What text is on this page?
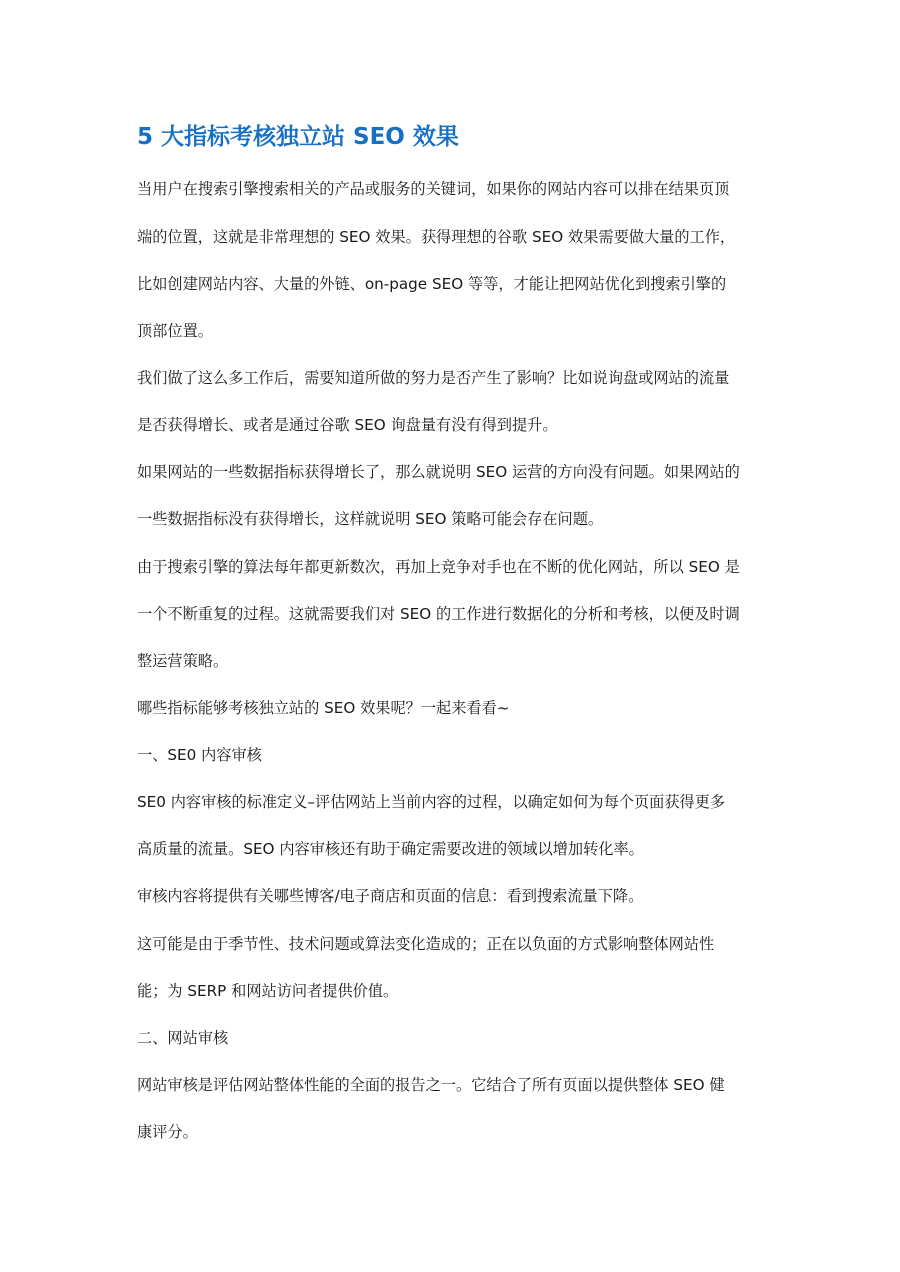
5 大指标考核独立站 SEO 效果
当用户在搜索引擎搜索相关的产品或服务的关键词，如果你的网站内容可以排在结果页顶
端的位置，这就是非常理想的 SEO 效果。获得理想的谷歌 SEO 效果需要做大量的工作，
比如创建网站内容、大量的外链、on-page SEO 等等，才能让把网站优化到搜索引擎的
顶部位置。
我们做了这么多工作后，需要知道所做的努力是否产生了影响？比如说询盘或网站的流量
是否获得增长、或者是通过谷歌 SEO 询盘量有没有得到提升。
如果网站的一些数据指标获得增长了，那么就说明 SEO 运营的方向没有问题。如果网站的
一些数据指标没有获得增长，这样就说明 SEO 策略可能会存在问题。
由于搜索引擎的算法每年都更新数次，再加上竞争对手也在不断的优化网站，所以 SEO 是
一个不断重复的过程。这就需要我们对 SEO 的工作进行数据化的分析和考核，以便及时调
整运营策略。
哪些指标能够考核独立站的 SEO 效果呢？一起来看看~
一、SE0 内容审核
SE0 内容审核的标准定义–评估网站上当前内容的过程，以确定如何为每个页面获得更多
高质量的流量。SEO 内容审核还有助于确定需要改进的领域以增加转化率。
审核内容将提供有关哪些博客/电子商店和页面的信息：看到搜索流量下降。
这可能是由于季节性、技术问题或算法变化造成的；正在以负面的方式影响整体网站性
能；为 SERP 和网站访问者提供价值。
二、网站审核
网站审核是评估网站整体性能的全面的报告之一。它结合了所有页面以提供整体 SEO 健
康评分。
